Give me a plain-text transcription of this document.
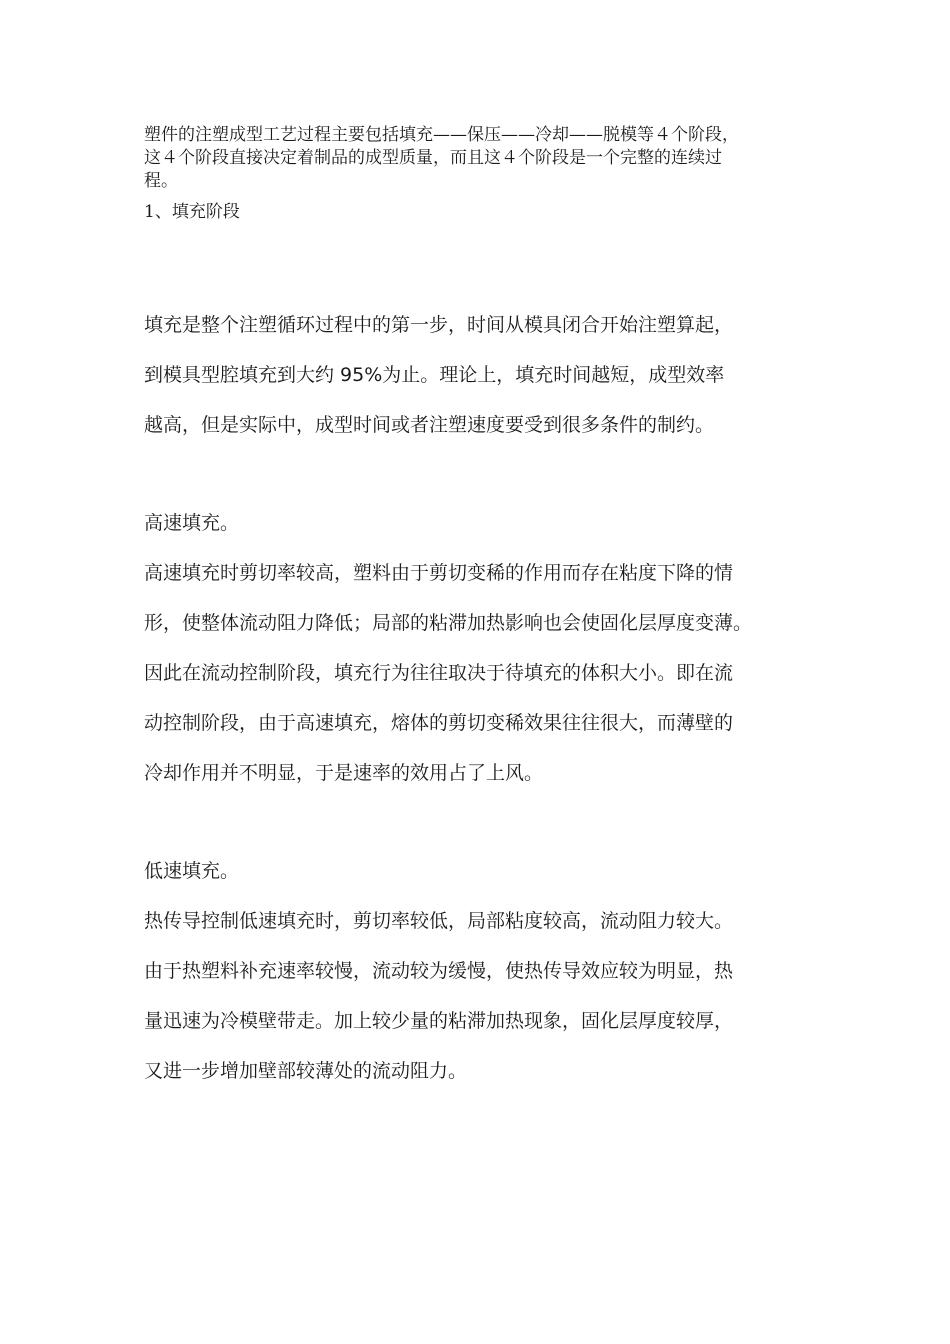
塑件的注塑成型工艺过程主要包括填充——保压——冷却——脱模等４个阶段，
这４个阶段直接决定着制品的成型质量，而且这４个阶段是一个完整的连续过
程。

1、填充阶段

填充是整个注塑循环过程中的第一步，时间从模具闭合开始注塑算起，
到模具型腔填充到大约 95%为止。理论上，填充时间越短，成型效率
越高，但是实际中，成型时间或者注塑速度要受到很多条件的制约。

高速填充。
高速填充时剪切率较高，塑料由于剪切变稀的作用而存在粘度下降的情
形，使整体流动阻力降低；局部的粘滞加热影响也会使固化层厚度变薄。
因此在流动控制阶段，填充行为往往取决于待填充的体积大小。即在流
动控制阶段，由于高速填充，熔体的剪切变稀效果往往很大，而薄壁的
冷却作用并不明显，于是速率的效用占了上风。
低速填充。
热传导控制低速填充时，剪切率较低，局部粘度较高，流动阻力较大。
由于热塑料补充速率较慢，流动较为缓慢，使热传导效应较为明显，热
量迅速为冷模壁带走。加上较少量的粘滞加热现象，固化层厚度较厚，
又进一步增加壁部较薄处的流动阻力。
